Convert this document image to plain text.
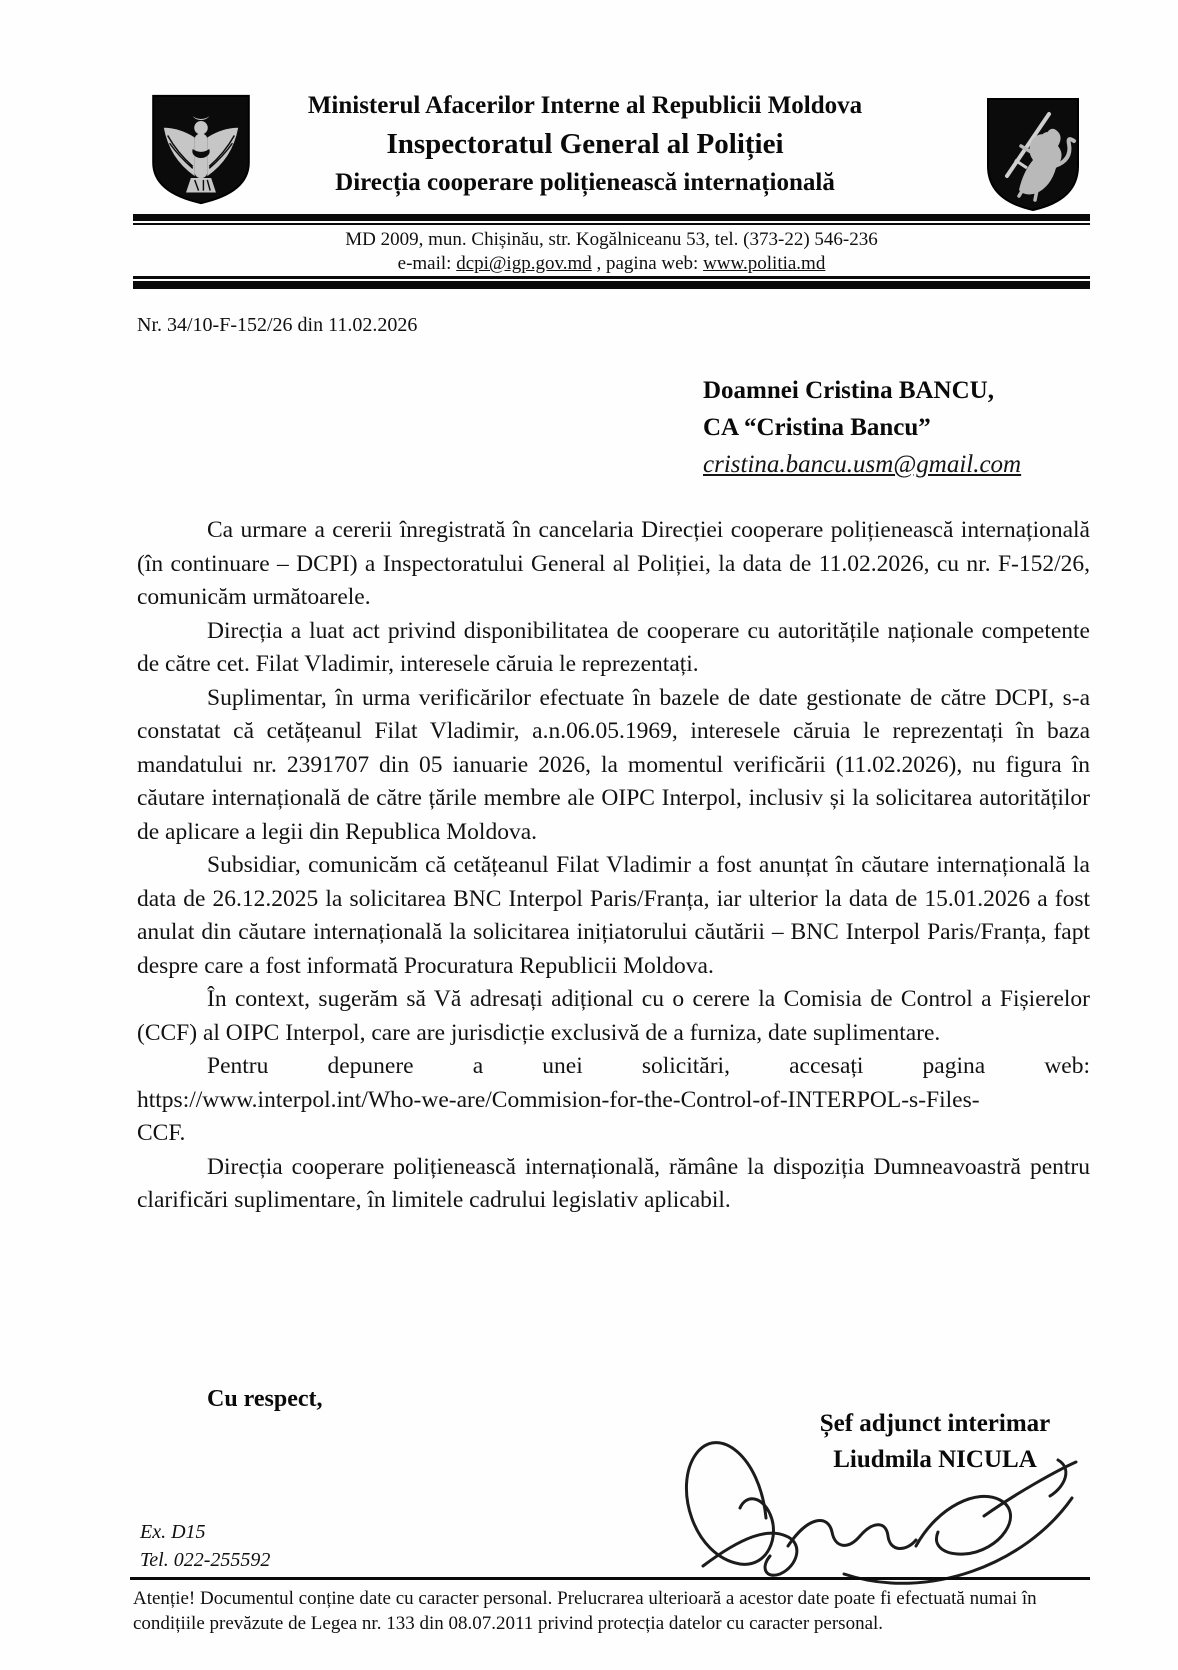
Ministerul Afacerilor Interne al Republicii Moldova
Inspectoratul General al Poliției
Direcția cooperare polițienească internațională
MD 2009, mun. Chișinău, str. Kogălniceanu 53, tel. (373-22) 546-236
e-mail: dcpi@igp.gov.md , pagina web: www.politia.md
Nr. 34/10-F-152/26 din 11.02.2026
Doamnei Cristina BANCU,
CA “Cristina Bancu”
cristina.bancu.usm@gmail.com

Ca urmare a cererii înregistrată în cancelaria Direcției cooperare polițienească internațională (în continuare – DCPI) a Inspectoratului General al Poliției, la data de 11.02.2026, cu nr. F-152/26, comunicăm următoarele.

Direcția a luat act privind disponibilitatea de cooperare cu autoritățile naționale competente de către cet. Filat Vladimir, interesele căruia le reprezentați.

Suplimentar, în urma verificărilor efectuate în bazele de date gestionate de către DCPI, s-a constatat că cetățeanul Filat Vladimir, a.n.06.05.1969, interesele căruia le reprezentați în baza mandatului nr. 2391707 din 05 ianuarie 2026, la momentul verificării (11.02.2026), nu figura în căutare internațională de către țările membre ale OIPC Interpol, inclusiv și la solicitarea autorităților de aplicare a legii din Republica Moldova.

Subsidiar, comunicăm că cetățeanul Filat Vladimir a fost anunțat în căutare internațională la data de 26.12.2025 la solicitarea BNC Interpol Paris/Franța, iar ulterior la data de 15.01.2026 a fost anulat din căutare internațională la solicitarea inițiatorului căutării – BNC Interpol Paris/Franța, fapt despre care a fost informată Procuratura Republicii Moldova.

În context, sugerăm să Vă adresați adițional cu o cerere la Comisia de Control a Fișierelor (CCF) al OIPC Interpol, care are jurisdicție exclusivă de a furniza, date suplimentare.

Pentru depunere a unei solicitări, accesați pagina web:

https://www.interpol.int/Who-we-are/Commision-for-the-Control-of-INTERPOL-s-Files-CCF.

Direcția cooperare polițienească internațională, rămâne la dispoziția Dumneavoastră pentru clarificări suplimentare, în limitele cadrului legislativ aplicabil.

Cu respect,
Șef adjunct interimar
Liudmila NICULA
Ex. D15
Tel. 022-255592
Atenție! Documentul conține date cu caracter personal. Prelucrarea ulterioară a acestor date poate fi efectuată numai în condițiile prevăzute de Legea nr. 133 din 08.07.2011 privind protecția datelor cu caracter personal.
